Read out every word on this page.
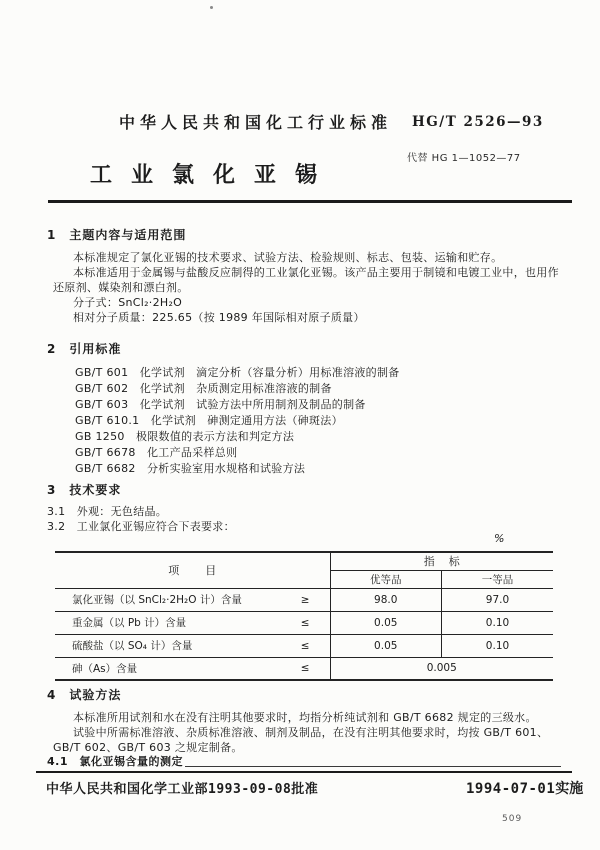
中华人民共和国化工行业标准 HG/T 2526—93
工业氯化亚锡
代替 HG 1—1052—77
1　主题内容与适用范围
本标准规定了氯化亚锡的技术要求、试验方法、检验规则、标志、包装、运输和贮存。
本标准适用于金属锡与盐酸反应制得的工业氯化亚锡。该产品主要用于制镜和电镀工业中，也用作
还原剂、媒染剂和漂白剂。
分子式：SnCl₂·2H₂O
相对分子质量：225.65（按 1989 年国际相对原子质量）
2　引用标准
GB/T 601　化学试剂　滴定分析（容量分析）用标准溶液的制备
GB/T 602　化学试剂　杂质测定用标准溶液的制备
GB/T 603　化学试剂　试验方法中所用制剂及制品的制备
GB/T 610.1　化学试剂　砷测定通用方法（砷斑法）
GB 1250　极限数值的表示方法和判定方法
GB/T 6678　化工产品采样总则
GB/T 6682　分析实验室用水规格和试验方法
3　技术要求
3.1　外观：无色结晶。
3.2　工业氯化亚锡应符合下表要求：
%
项目	指标	
	优等品	一等品

氯化亚锡（以 SnCl₂·2H₂O 计）含量 ≥	98.0	97.0

重金属（以 Pb 计）含量 ≤	0.05	0.10

硫酸盐（以 SO₄ 计）含量 ≤	0.05	0.10

砷（As）含量 ≤	0.005	
4　试验方法
本标准所用试剂和水在没有注明其他要求时，均指分析纯试剂和 GB/T 6682 规定的三级水。
试验中所需标准溶液、杂质标准溶液、制剂及制品，在没有注明其他要求时，均按 GB/T 601、
GB/T 602、GB/T 603 之规定制备。
4.1　氯化亚锡含量的测定
中华人民共和国化学工业部1993-09-08批准	1994-07-01实施
509
